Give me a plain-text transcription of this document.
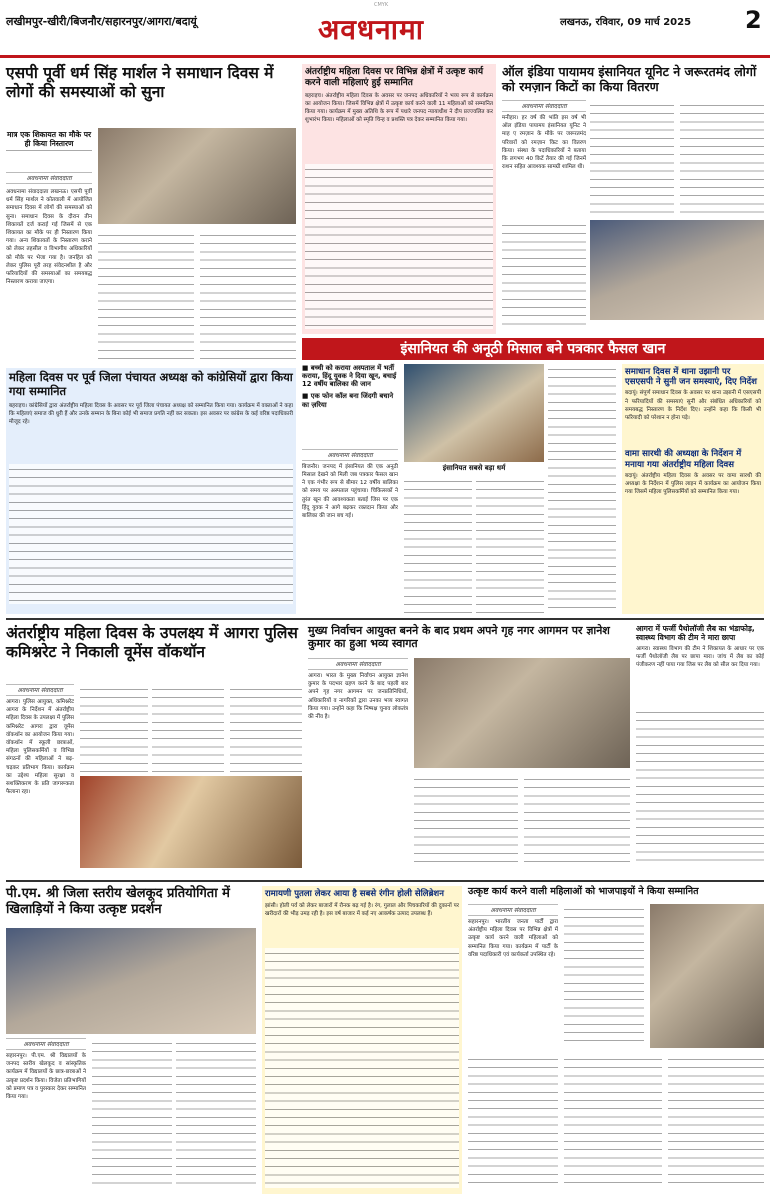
CMYK
लखीमपुर-खीरी/बिजनौर/सहारनपुर/आगरा/बदायूं	अवधनामा	लखनऊ, रविवार, 09 मार्च 2025 2
एसपी पूर्वी धर्म सिंह मार्शल ने समाधान दिवस में लोगों की समस्याओं को सुना
मात्र एक शिकायत का मौके पर ही किया निस्तारण
अवधनामा संवाददाता
अवधनामा संवाददाता लखनऊ। एसपी पूर्वी धर्म सिंह मार्शल ने कोतवाली में आयोजित समाधान दिवस में लोगों की समस्याओं को सुना। समाधान दिवस के दौरान तीन शिकायतें दर्ज कराई गई जिसमें से एक शिकायत का मौके पर ही निस्तारण किया गया। अन्य शिकायतों के निस्तारण कराने को लेकर तहसील व विभागीय अधिकारियों को मौके पर भेजा गया है। जनहित को लेकर पुलिस पूरी तरह संवेदनशील है और फरियादियों की समस्याओं का समयबद्ध निस्तारण कराया जाएगा।
अंतर्राष्ट्रीय महिला दिवस पर विभिन्न क्षेत्रों में उत्कृष्ट कार्य करने वाली महिलाएं हुई सम्मानित
बहराइच। अंतर्राष्ट्रीय महिला दिवस के अवसर पर जनपद अधिकारियों ने भव्य रूप से कार्यक्रम का आयोजन किया। जिसमें विभिन्न क्षेत्रों में उत्कृष्ट कार्य करने वाली 11 महिलाओं को सम्मानित किया गया। कार्यक्रम में मुख्य अतिथि के रूप में पधारे जनपद न्यायाधीश ने दीप प्रज्ज्वलित कर शुभारंभ किया। महिलाओं को स्मृति चिन्ह व प्रशस्ति पत्र देकर सम्मानित किया गया।
ऑल इंडिया पायामय इंसानियत यूनिट ने जरूरतमंद लोगों को रमज़ान किटों का किया वितरण
अवधनामा संवाददाता
मनीहार। हर वर्ष की भांति इस वर्ष भी ऑल इंडिया पायामय इंसानियत यूनिट ने माह ए रमज़ान के मौके पर जरूरतमंद परिवारों को रमज़ान किट का वितरण किया। संस्था के पदाधिकारियों ने बताया कि लगभग 40 किटें तैयार की गई जिनमें राशन सहित आवश्यक सामग्री शामिल थी।
महिला दिवस पर पूर्व जिला पंचायत अध्यक्ष को कांग्रेसियों द्वारा किया गया सम्मानित
बहराइच। कांग्रेसियों द्वारा अंतर्राष्ट्रीय महिला दिवस के अवसर पर पूर्व जिला पंचायत अध्यक्ष को सम्मानित किया गया। कार्यक्रम में वक्ताओं ने कहा कि महिलाएं समाज की धुरी हैं और उनके सम्मान के बिना कोई भी समाज प्रगति नहीं कर सकता। इस अवसर पर कांग्रेस के कई वरिष्ठ पदाधिकारी मौजूद रहे।
इंसानियत की अनूठी मिसाल बने पत्रकार फैसल खान
■ बच्ची को कराया अस्पताल में भर्ती कराया, हिंदू युवक ने दिया खून, बचाई 12 वर्षीय बालिका की जान
■ एक फोन कॉल बना जिंदगी बचाने का ज़रिया
अवधनामा संवाददाता
बिजनौर। जनपद में इंसानियत की एक अनूठी मिसाल देखने को मिली जब पत्रकार फैसल खान ने एक गंभीर रूप से बीमार 12 वर्षीय बालिका को समय पर अस्पताल पहुंचाया। चिकित्सकों ने तुरंत खून की आवश्यकता बताई जिस पर एक हिंदू युवक ने आगे बढ़कर रक्तदान किया और बालिका की जान बच गई।
इंसानियत सबसे बड़ा धर्म
समाधान दिवस में थाना उझानी पर एसएसपी ने सुनी जन समस्याएं, दिए निर्देश
बदायूं। संपूर्ण समाधान दिवस के अवसर पर थाना उझानी में एसएसपी ने फरियादियों की समस्याएं सुनीं और संबंधित अधिकारियों को समयबद्ध निस्तारण के निर्देश दिए। उन्होंने कहा कि किसी भी फरियादी को परेशान न होना पड़े।
वामा सारथी की अध्यक्षा के निर्देशन में मनाया गया अंतर्राष्ट्रीय महिला दिवस
बदायूं। अंतर्राष्ट्रीय महिला दिवस के अवसर पर वामा सारथी की अध्यक्षा के निर्देशन में पुलिस लाइन में कार्यक्रम का आयोजन किया गया जिसमें महिला पुलिसकर्मियों को सम्मानित किया गया।
अंतर्राष्ट्रीय महिला दिवस के उपलक्ष्य में आगरा पुलिस कमिश्नरेट ने निकाली वूमेंस वॉकथॉन
अवधनामा संवाददाता
आगरा। पुलिस आयुक्त, कमिश्नरेट आगरा के निर्देशन में अंतर्राष्ट्रीय महिला दिवस के उपलक्ष्य में पुलिस कमिश्नरेट आगरा द्वारा वूमेंस वॉकथॉन का आयोजन किया गया। वॉकथॉन में स्कूली छात्राओं, महिला पुलिसकर्मियों व विभिन्न संगठनों की महिलाओं ने बढ़-चढ़कर प्रतिभाग किया। कार्यक्रम का उद्देश्य महिला सुरक्षा व सशक्तिकरण के प्रति जागरूकता फैलाना रहा।
मुख्य निर्वाचन आयुक्त बनने के बाद प्रथम अपने गृह नगर आगमन पर ज्ञानेश कुमार का हुआ भव्य स्वागत
अवधनामा संवाददाता
आगरा। भारत के मुख्य निर्वाचन आयुक्त ज्ञानेश कुमार के पदभार ग्रहण करने के बाद पहली बार अपने गृह नगर आगमन पर जनप्रतिनिधियों, अधिकारियों व नागरिकों द्वारा उनका भव्य स्वागत किया गया। उन्होंने कहा कि निष्पक्ष चुनाव लोकतंत्र की नींव है।
आगरा में फर्जी पैथोलॉजी लैब का भंडाफोड़, स्वास्थ्य विभाग की टीम ने मारा छापा
आगरा। स्वास्थ्य विभाग की टीम ने शिकायत के आधार पर एक फर्जी पैथोलॉजी लैब पर छापा मारा। जांच में लैब का कोई पंजीकरण नहीं पाया गया जिस पर लैब को सील कर दिया गया।
पी.एम. श्री जिला स्तरीय खेलकूद प्रतियोगिता में खिलाड़ियों ने किया उत्कृष्ट प्रदर्शन
अवधनामा संवाददाता
सहारनपुर। पी.एम. श्री विद्यालयों के जनपद स्तरीय खेलकूद व सांस्कृतिक कार्यक्रम में विद्यालयों के छात्र-छात्राओं ने उत्कृष्ट प्रदर्शन किया। विजेता प्रतिभागियों को प्रमाण पत्र व पुरस्कार देकर सम्मानित किया गया।
रामायणी पुतला लेकर आया है सबसे रंगीन होली सेलिब्रेशन
झांसी। होली पर्व को लेकर बाजारों में रौनक बढ़ गई है। रंग, गुलाल और पिचकारियों की दुकानों पर खरीदारों की भीड़ उमड़ रही है। इस वर्ष बाजार में कई नए आकर्षक उत्पाद उपलब्ध हैं।
उत्कृष्ट कार्य करने वाली महिलाओं को भाजपाइयों ने किया सम्मानित
अवधनामा संवाददाता
सहारनपुर। भारतीय जनता पार्टी द्वारा अंतर्राष्ट्रीय महिला दिवस पर विभिन्न क्षेत्रों में उत्कृष्ट कार्य करने वाली महिलाओं को सम्मानित किया गया। कार्यक्रम में पार्टी के वरिष्ठ पदाधिकारी एवं कार्यकर्ता उपस्थित रहे।
